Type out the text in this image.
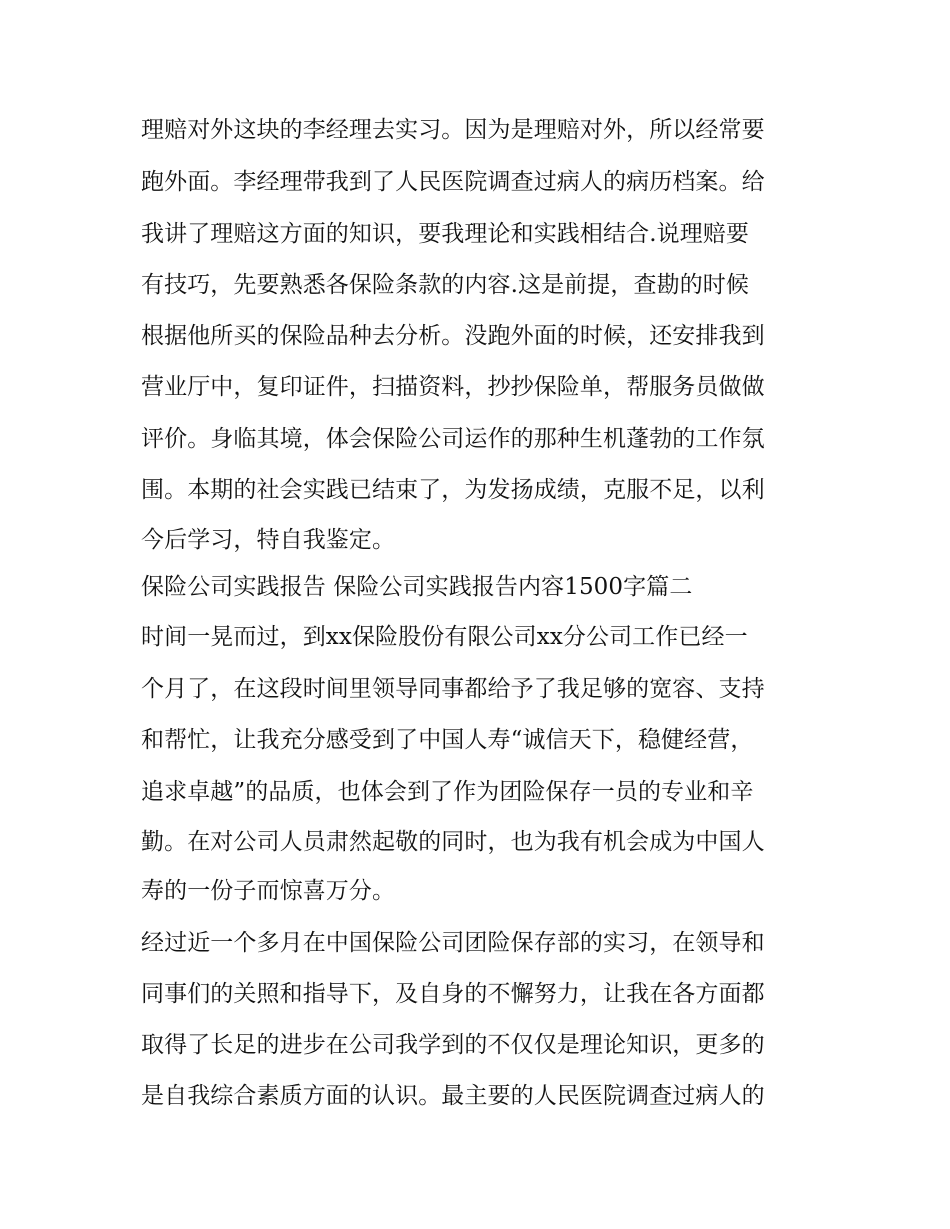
理赔对外这块的李经理去实习。因为是理赔对外，所以经常要
跑外面。李经理带我到了人民医院调查过病人的病历档案。给
我讲了理赔这方面的知识，要我理论和实践相结合.说理赔要
有技巧，先要熟悉各保险条款的内容.这是前提，查勘的时候
根据他所买的保险品种去分析。没跑外面的时候，还安排我到
营业厅中，复印证件，扫描资料，抄抄保险单，帮服务员做做
评价。身临其境，体会保险公司运作的那种生机蓬勃的工作氛
围。本期的社会实践已结束了，为发扬成绩，克服不足，以利
今后学习，特自我鉴定。
保险公司实践报告 保险公司实践报告内容1500字篇二
时间一晃而过，到xx保险股份有限公司xx分公司工作已经一
个月了，在这段时间里领导同事都给予了我足够的宽容、支持
和帮忙，让我充分感受到了中国人寿“诚信天下，稳健经营，
追求卓越”的品质，也体会到了作为团险保存一员的专业和辛
勤。在对公司人员肃然起敬的同时，也为我有机会成为中国人
寿的一份子而惊喜万分。
经过近一个多月在中国保险公司团险保存部的实习，在领导和
同事们的关照和指导下，及自身的不懈努力，让我在各方面都
取得了长足的进步在公司我学到的不仅仅是理论知识，更多的
是自我综合素质方面的认识。最主要的人民医院调查过病人的
